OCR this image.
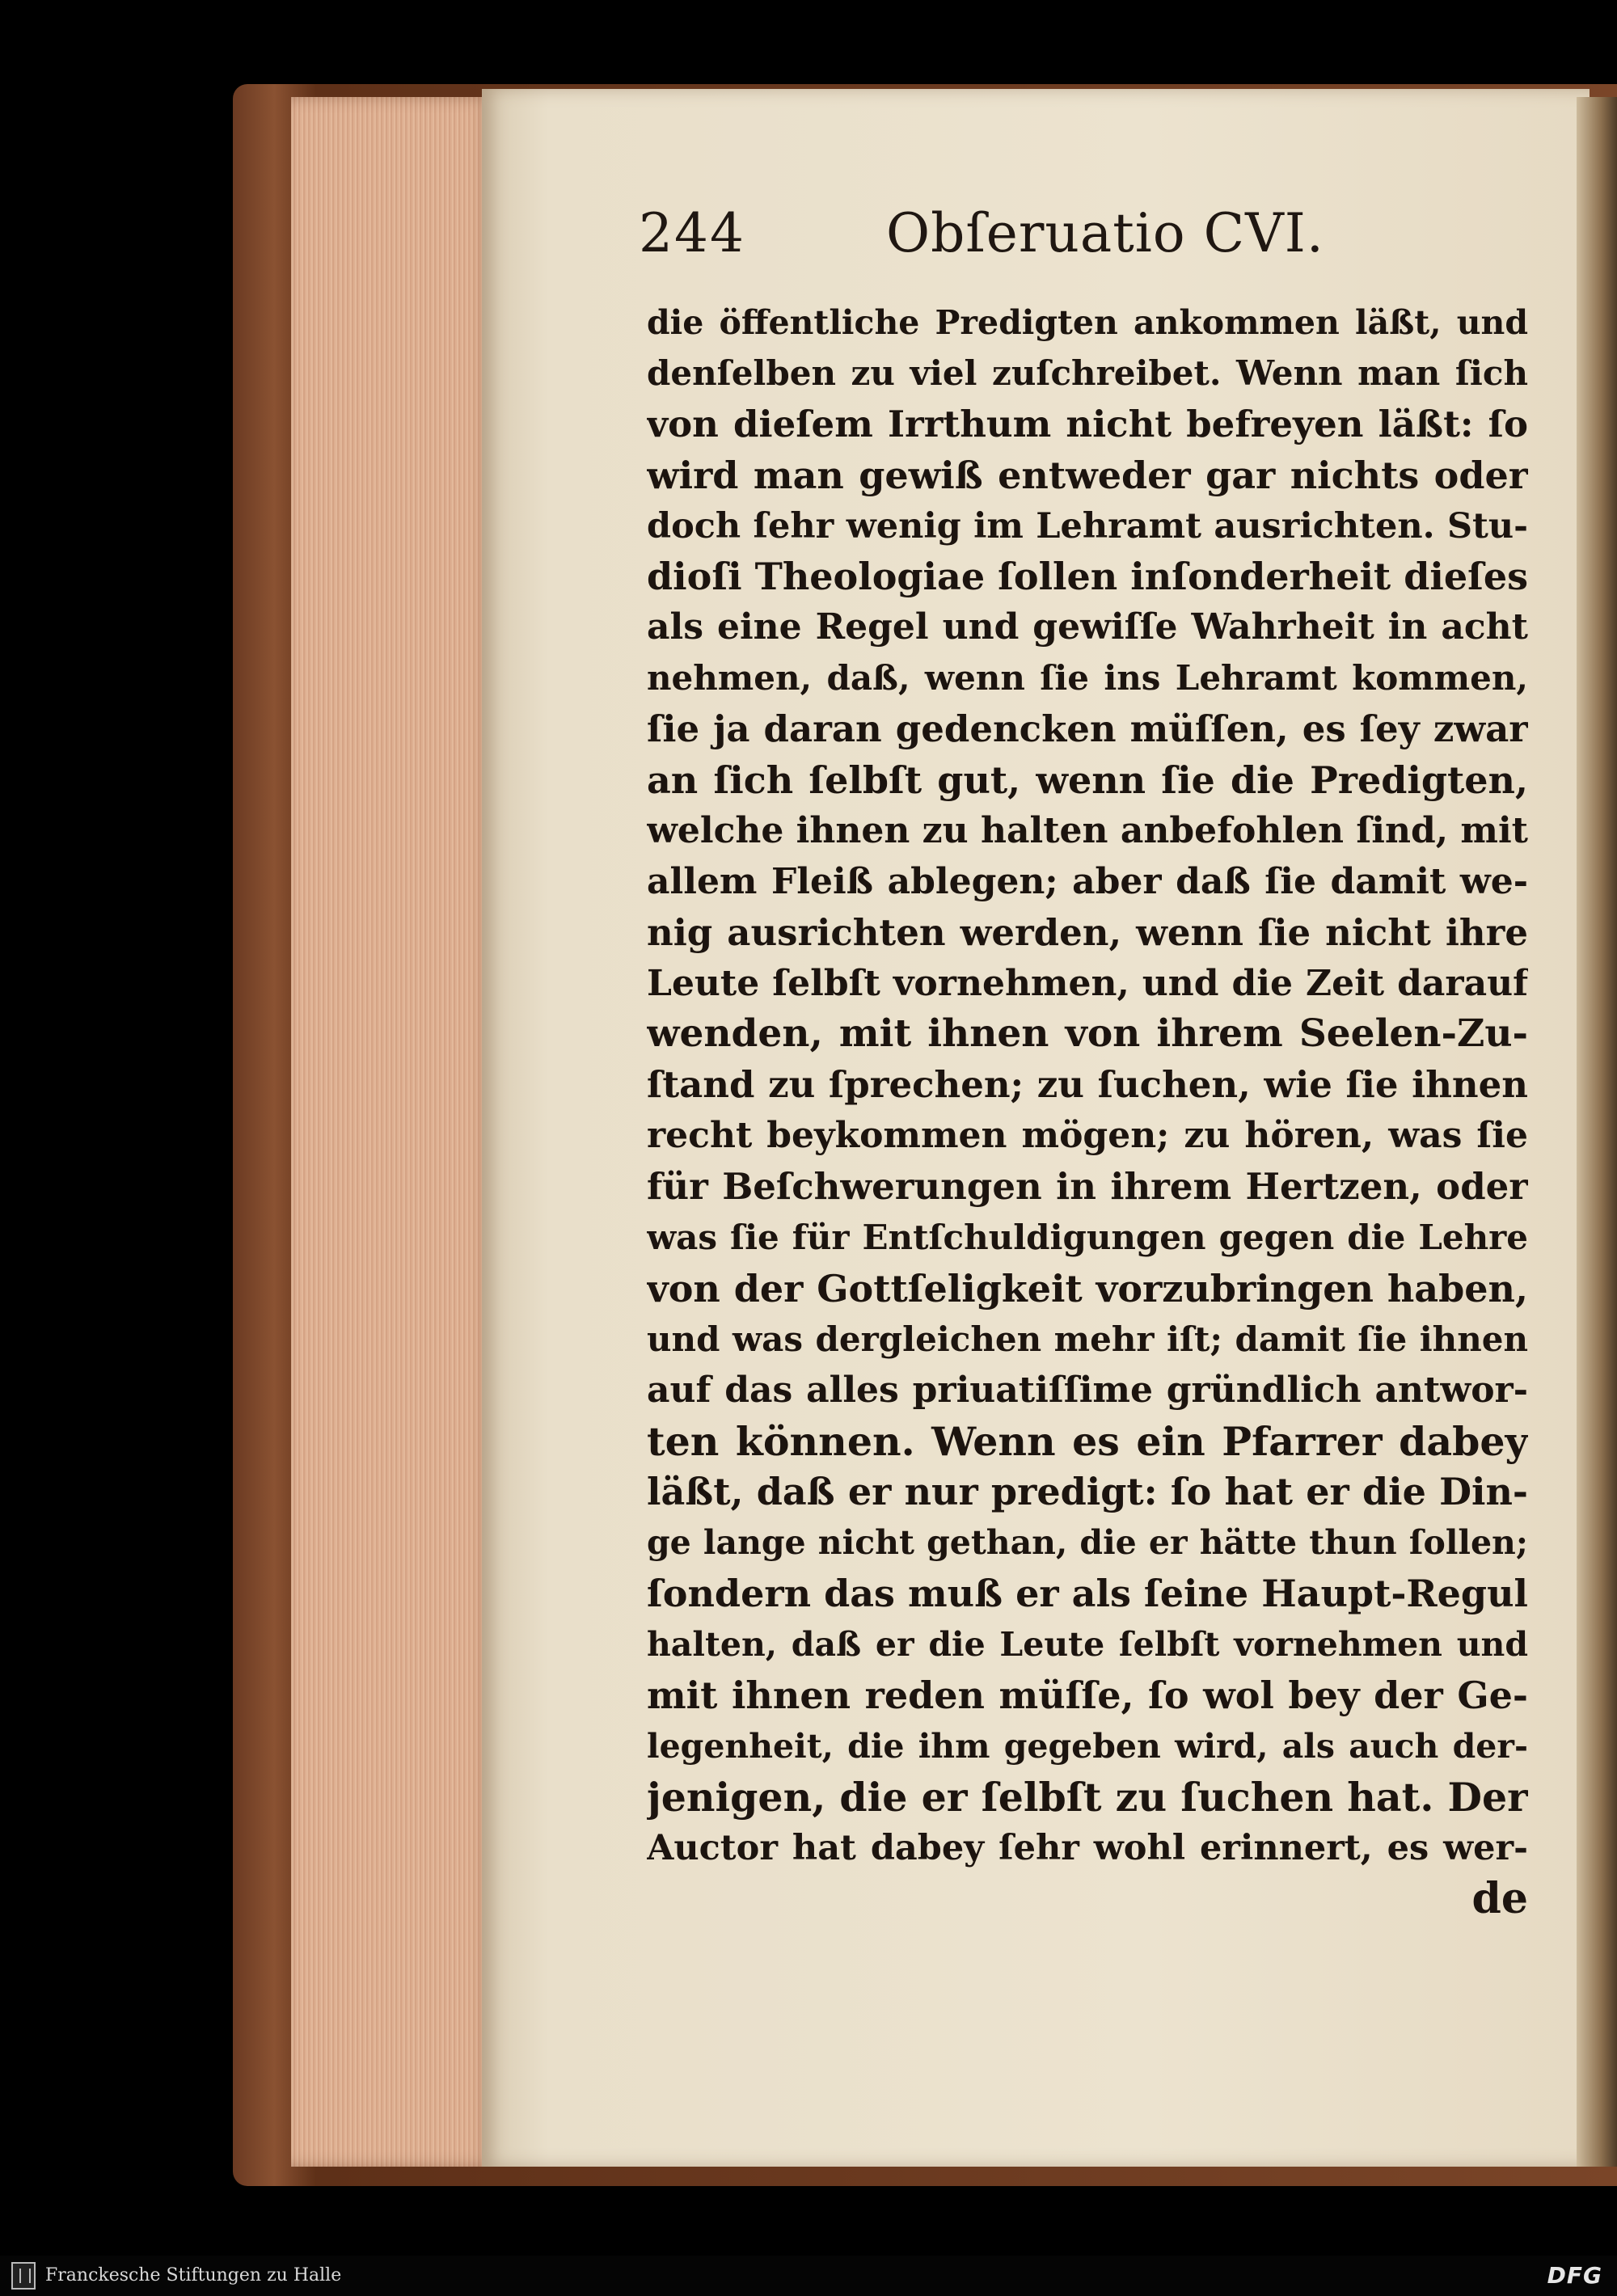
244	Obſeruatio CVI.
die öffentliche Predigten ankommen läßt, und
denſelben zu viel zuſchreibet. Wenn man ſich
von dieſem Irrthum nicht befreyen läßt: ſo
wird man gewiß entweder gar nichts oder
doch ſehr wenig im Lehramt ausrichten. Stu-
dioſi Theologiae ſollen inſonderheit dieſes
als eine Regel und gewiſſe Wahrheit in acht
nehmen, daß, wenn ſie ins Lehramt kommen,
ſie ja daran gedencken müſſen, es ſey zwar
an ſich ſelbſt gut, wenn ſie die Predigten,
welche ihnen zu halten anbefohlen ſind, mit
allem Fleiß ablegen; aber daß ſie damit we-
nig ausrichten werden, wenn ſie nicht ihre
Leute ſelbſt vornehmen, und die Zeit darauf
wenden, mit ihnen von ihrem Seelen-Zu-
ſtand zu ſprechen; zu ſuchen, wie ſie ihnen
recht beykommen mögen; zu hören, was ſie
für Beſchwerungen in ihrem Hertzen, oder
was ſie für Entſchuldigungen gegen die Lehre
von der Gottſeligkeit vorzubringen haben,
und was dergleichen mehr iſt; damit ſie ihnen
auf das alles priuatiſſime gründlich antwor-
ten können. Wenn es ein Pfarrer dabey
läßt, daß er nur predigt: ſo hat er die Din-
ge lange nicht gethan, die er hätte thun ſollen;
ſondern das muß er als ſeine Haupt-Regul
halten, daß er die Leute ſelbſt vornehmen und
mit ihnen reden müſſe, ſo wol bey der Ge-
legenheit, die ihm gegeben wird, als auch der-
jenigen, die er ſelbſt zu ſuchen hat. Der
Auctor hat dabey ſehr wohl erinnert, es wer-
de
Franckesche Stiftungen zu Halle	DFG
